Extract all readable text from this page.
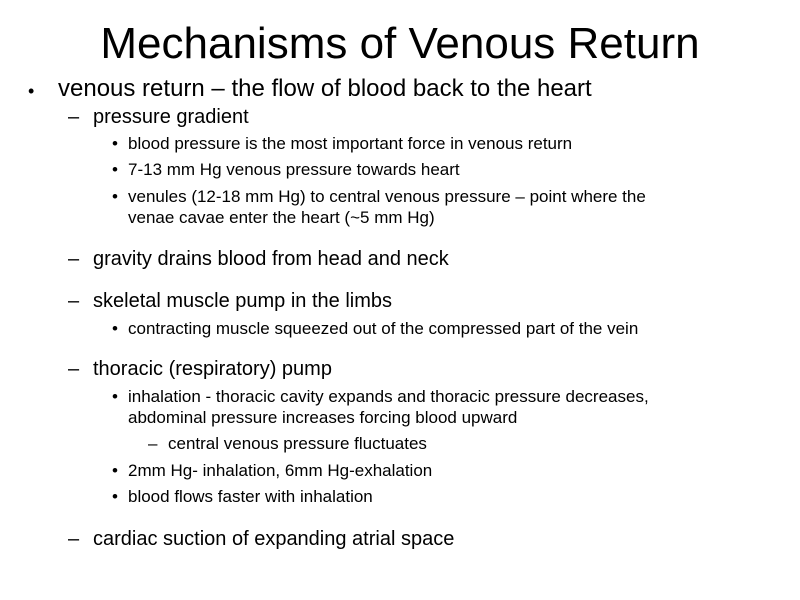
Mechanisms of Venous Return
• venous return – the flow of blood back to the heart
– pressure gradient
• blood pressure is the most important force in venous return
• 7-13 mm Hg venous pressure towards heart
• venules (12-18 mm Hg) to central venous pressure – point where the
venae cavae enter the heart (~5 mm Hg)
– gravity drains blood from head and neck
– skeletal muscle pump in the limbs
• contracting muscle squeezed out of the compressed part of the vein
– thoracic (respiratory) pump
• inhalation - thoracic cavity expands and thoracic pressure decreases,
abdominal pressure increases forcing blood upward
– central venous pressure fluctuates
• 2mm Hg- inhalation, 6mm Hg-exhalation
• blood flows faster with inhalation
– cardiac suction of expanding atrial space
